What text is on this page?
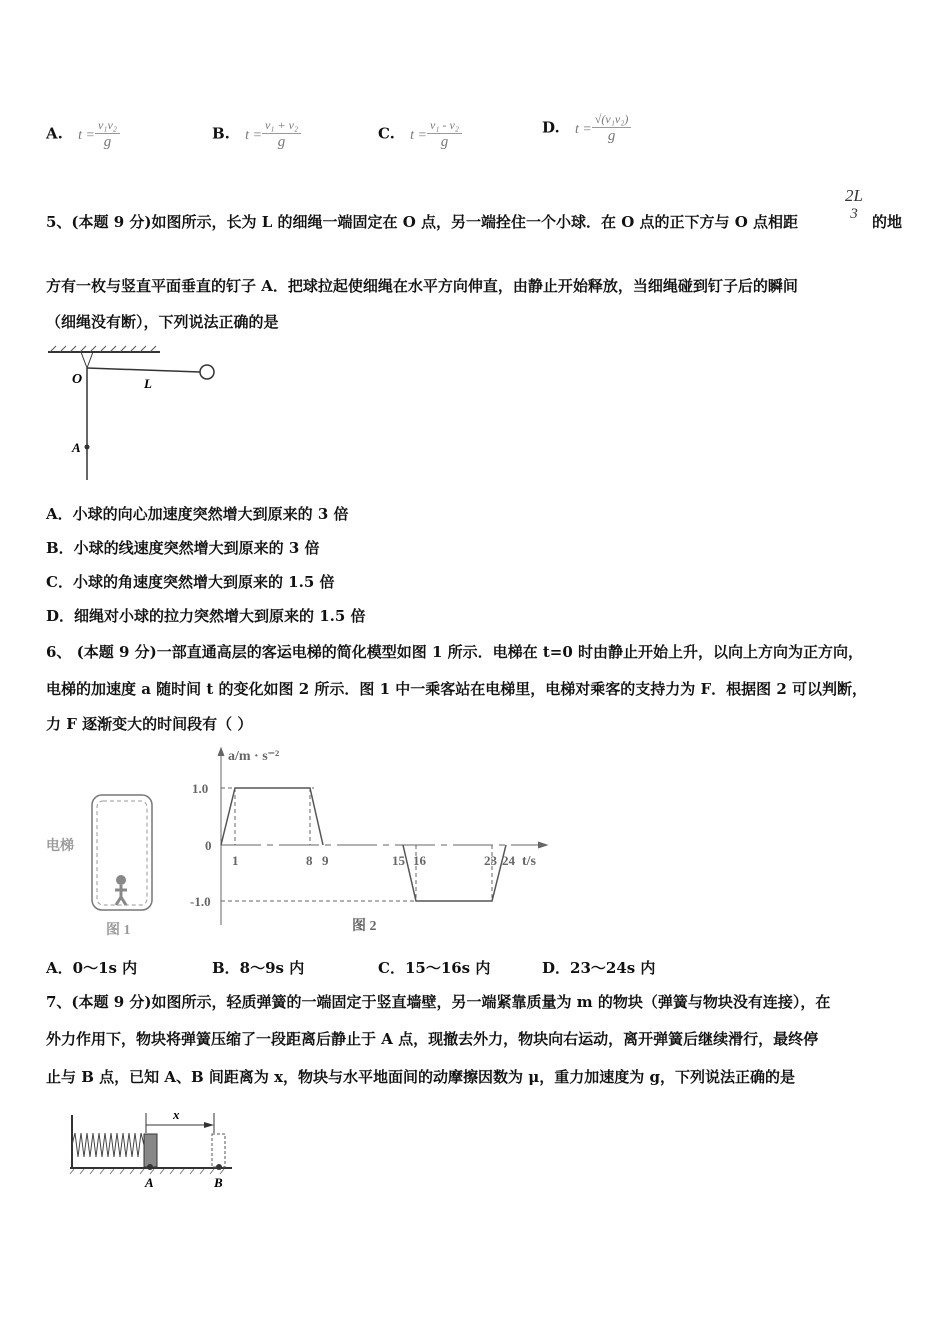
A. $t = \frac{\text{v₁v₂}}{g}$	B. $t = \frac{\text{v₁ + v₂}}{g}$	C. $t = \frac{\text{v₁ - v₂}}{g}$	D. $t = \frac{\text{√(v₁v₂)}}{g}$
5、(本题 9 分)如图所示，长为 L 的细绳一端固定在 O 点，另一端拴住一个小球．在 O 点的正下方与 O 点相距
2L
3 的地
方有一枚与竖直平面垂直的钉子 A．把球拉起使细绳在水平方向伸直，由静止开始释放，当细绳碰到钉子后的瞬间
（细绳没有断），下列说法正确的是
O	L
A
A．小球的向心加速度突然增大到原来的 3 倍
B．小球的线速度突然增大到原来的 3 倍
C．小球的角速度突然增大到原来的 1.5 倍
D．细绳对小球的拉力突然增大到原来的 1.5 倍
6、 (本题 9 分)一部直通高层的客运电梯的简化模型如图 1 所示．电梯在 t=0 时由静止开始上升，以向上方向为正方向，
电梯的加速度 a 随时间 t 的变化如图 2 所示．图 1 中一乘客站在电梯里，电梯对乘客的支持力为 F．根据图 2 可以判断，
力 F 逐渐变大的时间段有（ ）
电梯
图 1
a/m · s⁻²
t/s
1.0
0
-1.0
1	8 9	15 16	23 24
图 2
A．0～1s 内	B．8～9s 内	C．15～16s 内	D．23～24s 内
7、(本题 9 分)如图所示，轻质弹簧的一端固定于竖直墙壁，另一端紧靠质量为 m 的物块（弹簧与物块没有连接），在
外力作用下，物块将弹簧压缩了一段距离后静止于 A 点，现撤去外力，物块向右运动，离开弹簧后继续滑行，最终停
止与 B 点，已知 A、B 间距离为 x，物块与水平地面间的动摩擦因数为 μ，重力加速度为 g，下列说法正确的是
x
A	B
